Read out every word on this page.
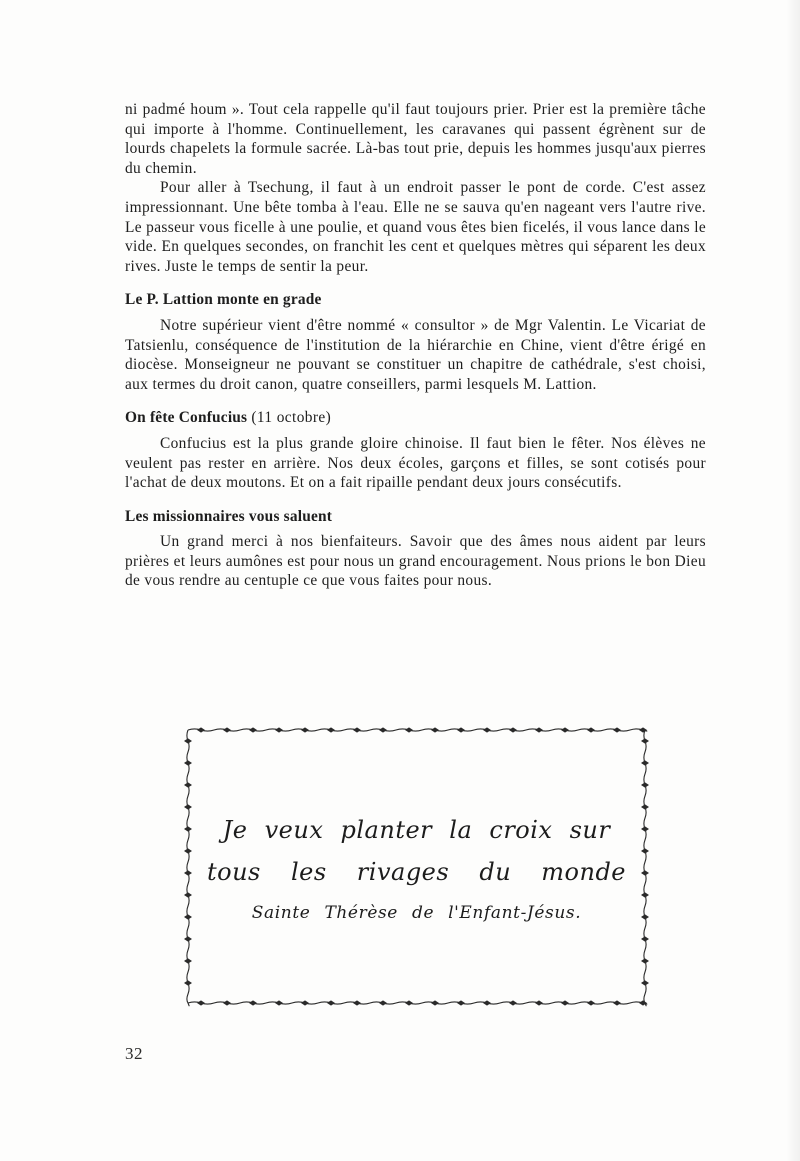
ni padmé houm ». Tout cela rappelle qu'il faut toujours prier. Prier est la première tâche qui importe à l'homme. Continuellement, les caravanes qui passent égrènent sur de lourds chapelets la formule sacrée. Là-bas tout prie, depuis les hommes jusqu'aux pierres du chemin.

Pour aller à Tsechung, il faut à un endroit passer le pont de corde. C'est assez impressionnant. Une bête tomba à l'eau. Elle ne se sauva qu'en nageant vers l'autre rive. Le passeur vous ficelle à une poulie, et quand vous êtes bien ficelés, il vous lance dans le vide. En quelques secondes, on franchit les cent et quelques mètres qui séparent les deux rives. Juste le temps de sentir la peur.

Le P. Lattion monte en grade

Notre supérieur vient d'être nommé « consultor » de Mgr Valentin. Le Vicariat de Tatsienlu, conséquence de l'institution de la hiérarchie en Chine, vient d'être érigé en diocèse. Monseigneur ne pouvant se constituer un chapitre de cathédrale, s'est choisi, aux termes du droit canon, quatre conseillers, parmi lesquels M. Lattion.

On fête Confucius (11 octobre)

Confucius est la plus grande gloire chinoise. Il faut bien le fêter. Nos élèves ne veulent pas rester en arrière. Nos deux écoles, garçons et filles, se sont cotisés pour l'achat de deux moutons. Et on a fait ripaille pendant deux jours consécutifs.

Les missionnaires vous saluent

Un grand merci à nos bienfaiteurs. Savoir que des âmes nous aident par leurs prières et leurs aumônes est pour nous un grand encouragement. Nous prions le bon Dieu de vous rendre au centuple ce que vous faites pour nous.

Je veux planter la croix sur
tous les rivages du monde
Sainte Thérèse de l'Enfant-Jésus.
32
